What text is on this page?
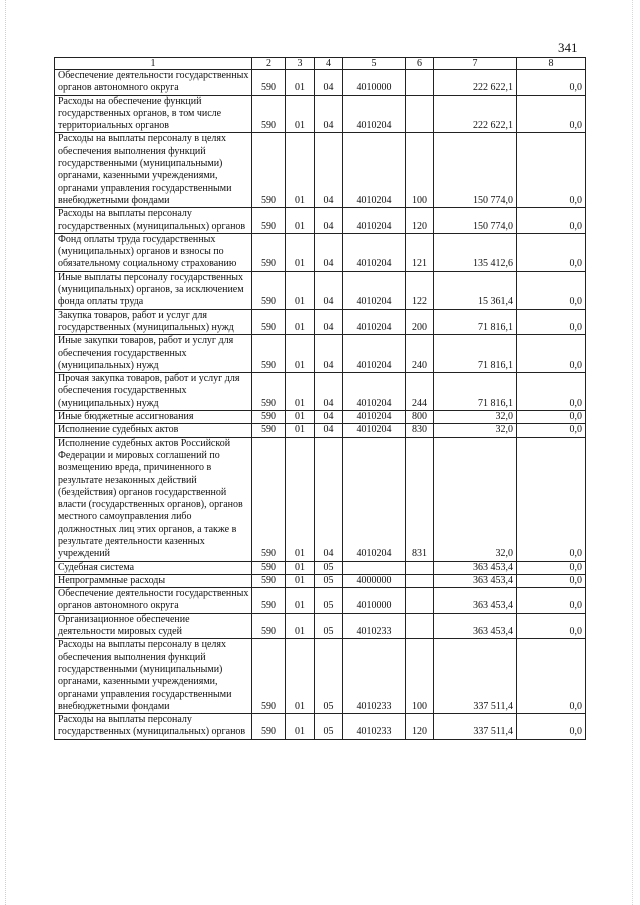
341
1	2	3	4	5	6	7	8
Обеспечение деятельности государственных органов автономного округа	590	01	04	4010000		222 622,1	0,0
Расходы на обеспечение функций государственных органов, в том числе территориальных органов	590	01	04	4010204		222 622,1	0,0
Расходы на выплаты персоналу в целях обеспечения выполнения функций государственными (муниципальными) органами, казенными учреждениями, органами управления государственными внебюджетными фондами	590	01	04	4010204	100	150 774,0	0,0
Расходы на выплаты персоналу государственных (муниципальных) органов	590	01	04	4010204	120	150 774,0	0,0
Фонд оплаты труда государственных (муниципальных) органов и взносы по обязательному социальному страхованию	590	01	04	4010204	121	135 412,6	0,0
Иные выплаты персоналу государственных (муниципальных) органов, за исключением фонда оплаты труда	590	01	04	4010204	122	15 361,4	0,0
Закупка товаров, работ и услуг для государственных (муниципальных) нужд	590	01	04	4010204	200	71 816,1	0,0
Иные закупки товаров, работ и услуг для обеспечения государственных (муниципальных) нужд	590	01	04	4010204	240	71 816,1	0,0
Прочая закупка товаров, работ и услуг для обеспечения государственных (муниципальных) нужд	590	01	04	4010204	244	71 816,1	0,0
Иные бюджетные ассигнования	590	01	04	4010204	800	32,0	0,0
Исполнение судебных актов	590	01	04	4010204	830	32,0	0,0
Исполнение судебных актов Российской Федерации и мировых соглашений по возмещению вреда, причиненного в результате незаконных действий (бездействия) органов государственной власти (государственных органов), органов местного самоуправления либо должностных лиц этих органов, а также в результате деятельности казенных учреждений	590	01	04	4010204	831	32,0	0,0
Судебная система	590	01	05			363 453,4	0,0
Непрограммные расходы	590	01	05	4000000		363 453,4	0,0
Обеспечение деятельности государственных органов автономного округа	590	01	05	4010000		363 453,4	0,0
Организационное обеспечение деятельности мировых судей	590	01	05	4010233		363 453,4	0,0
Расходы на выплаты персоналу в целях обеспечения выполнения функций государственными (муниципальными) органами, казенными учреждениями, органами управления государственными внебюджетными фондами	590	01	05	4010233	100	337 511,4	0,0
Расходы на выплаты персоналу государственных (муниципальных) органов	590	01	05	4010233	120	337 511,4	0,0
